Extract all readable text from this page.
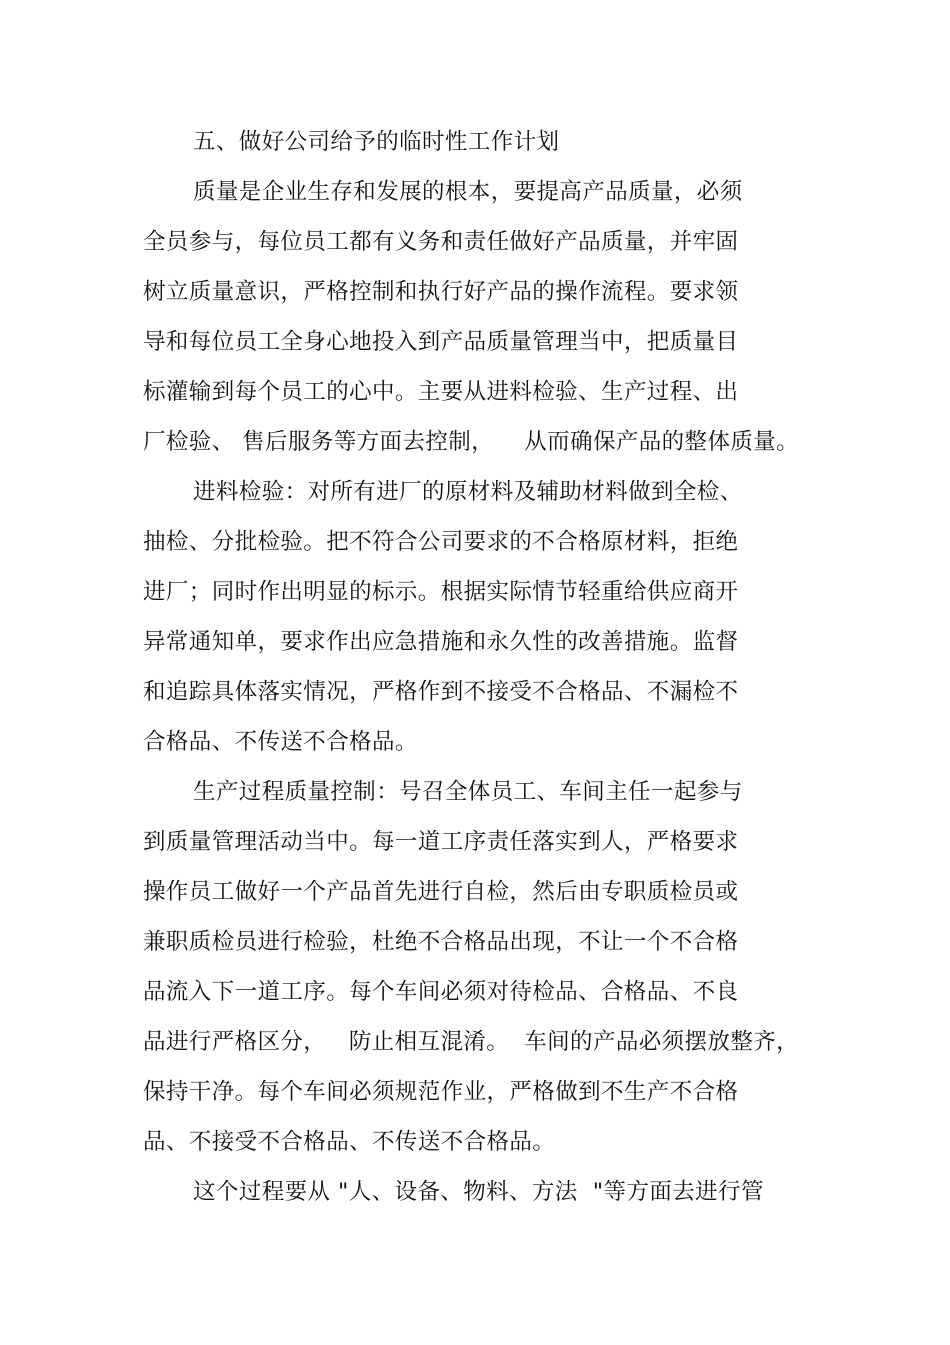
五、做好公司给予的临时性工作计划
质量是企业生存和发展的根本，要提高产品质量，必须
全员参与，每位员工都有义务和责任做好产品质量，并牢固
树立质量意识，严格控制和执行好产品的操作流程。要求领
导和每位员工全身心地投入到产品质量管理当中，把质量目
标灌输到每个员工的心中。主要从进料检验、生产过程、出
厂检验、 售后服务等方面去控制，    从而确保产品的整体质量。
进料检验：对所有进厂的原材料及辅助材料做到全检、
抽检、分批检验。把不符合公司要求的不合格原材料，拒绝
进厂；同时作出明显的标示。根据实际情节轻重给供应商开
异常通知单，要求作出应急措施和永久性的改善措施。监督
和追踪具体落实情况，严格作到不接受不合格品、不漏检不
合格品、不传送不合格品。
生产过程质量控制：号召全体员工、车间主任一起参与
到质量管理活动当中。每一道工序责任落实到人，严格要求
操作员工做好一个产品首先进行自检，然后由专职质检员或
兼职质检员进行检验，杜绝不合格品出现，不让一个不合格
品流入下一道工序。每个车间必须对待检品、合格品、不良
品进行严格区分，   防止相互混淆。  车间的产品必须摆放整齐，
保持干净。每个车间必须规范作业，严格做到不生产不合格
品、不接受不合格品、不传送不合格品。
这个过程要从 "人、设备、物料、方法  "等方面去进行管
